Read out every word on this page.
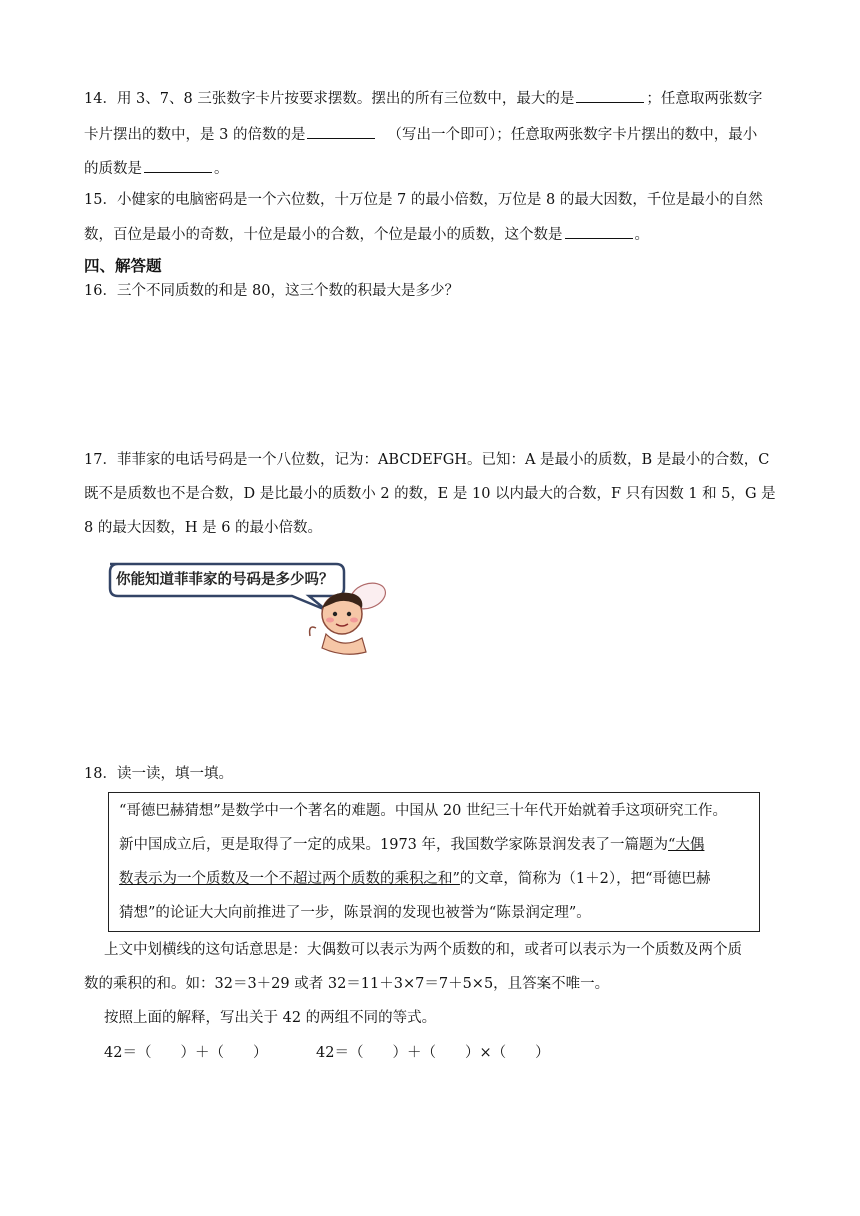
14．用 3、7、8 三张数字卡片按要求摆数。摆出的所有三位数中，最大的是	；任意取两张数字
卡片摆出的数中，是 3 的倍数的是	（写出一个即可）；任意取两张数字卡片摆出的数中，最小
的质数是	。
15．小健家的电脑密码是一个六位数，十万位是 7 的最小倍数，万位是 8 的最大因数，千位是最小的自然
数，百位是最小的奇数，十位是最小的合数，个位是最小的质数，这个数是	。
四、解答题
16．三个不同质数的和是 80，这三个数的积最大是多少？
17．菲菲家的电话号码是一个八位数，记为：ABCDEFGH。已知：A 是最小的质数，B 是最小的合数，C
既不是质数也不是合数，D 是比最小的质数小 2 的数，E 是 10 以内最大的合数，F 只有因数 1 和 5，G 是
8 的最大因数，H 是 6 的最小倍数。
你能知道菲菲家的号码是多少吗？
18．读一读，填一填。
“哥德巴赫猜想”是数学中一个著名的难题。中国从 20 世纪三十年代开始就着手这项研究工作。
新中国成立后，更是取得了一定的成果。1973 年，我国数学家陈景润发表了一篇题为“大偶
数表示为一个质数及一个不超过两个质数的乘积之和”的文章，简称为（1＋2），把“哥德巴赫
猜想”的论证大大向前推进了一步，陈景润的发现也被誉为“陈景润定理”。
上文中划横线的这句话意思是：大偶数可以表示为两个质数的和，或者可以表示为一个质数及两个质
数的乘积的和。如：32＝3＋29 或者 32＝11＋3×7＝7＋5×5，且答案不唯一。
按照上面的解释，写出关于 42 的两组不同的等式。
42＝（　　）＋（　　）	42＝（　　）＋（　　）×（　　）
